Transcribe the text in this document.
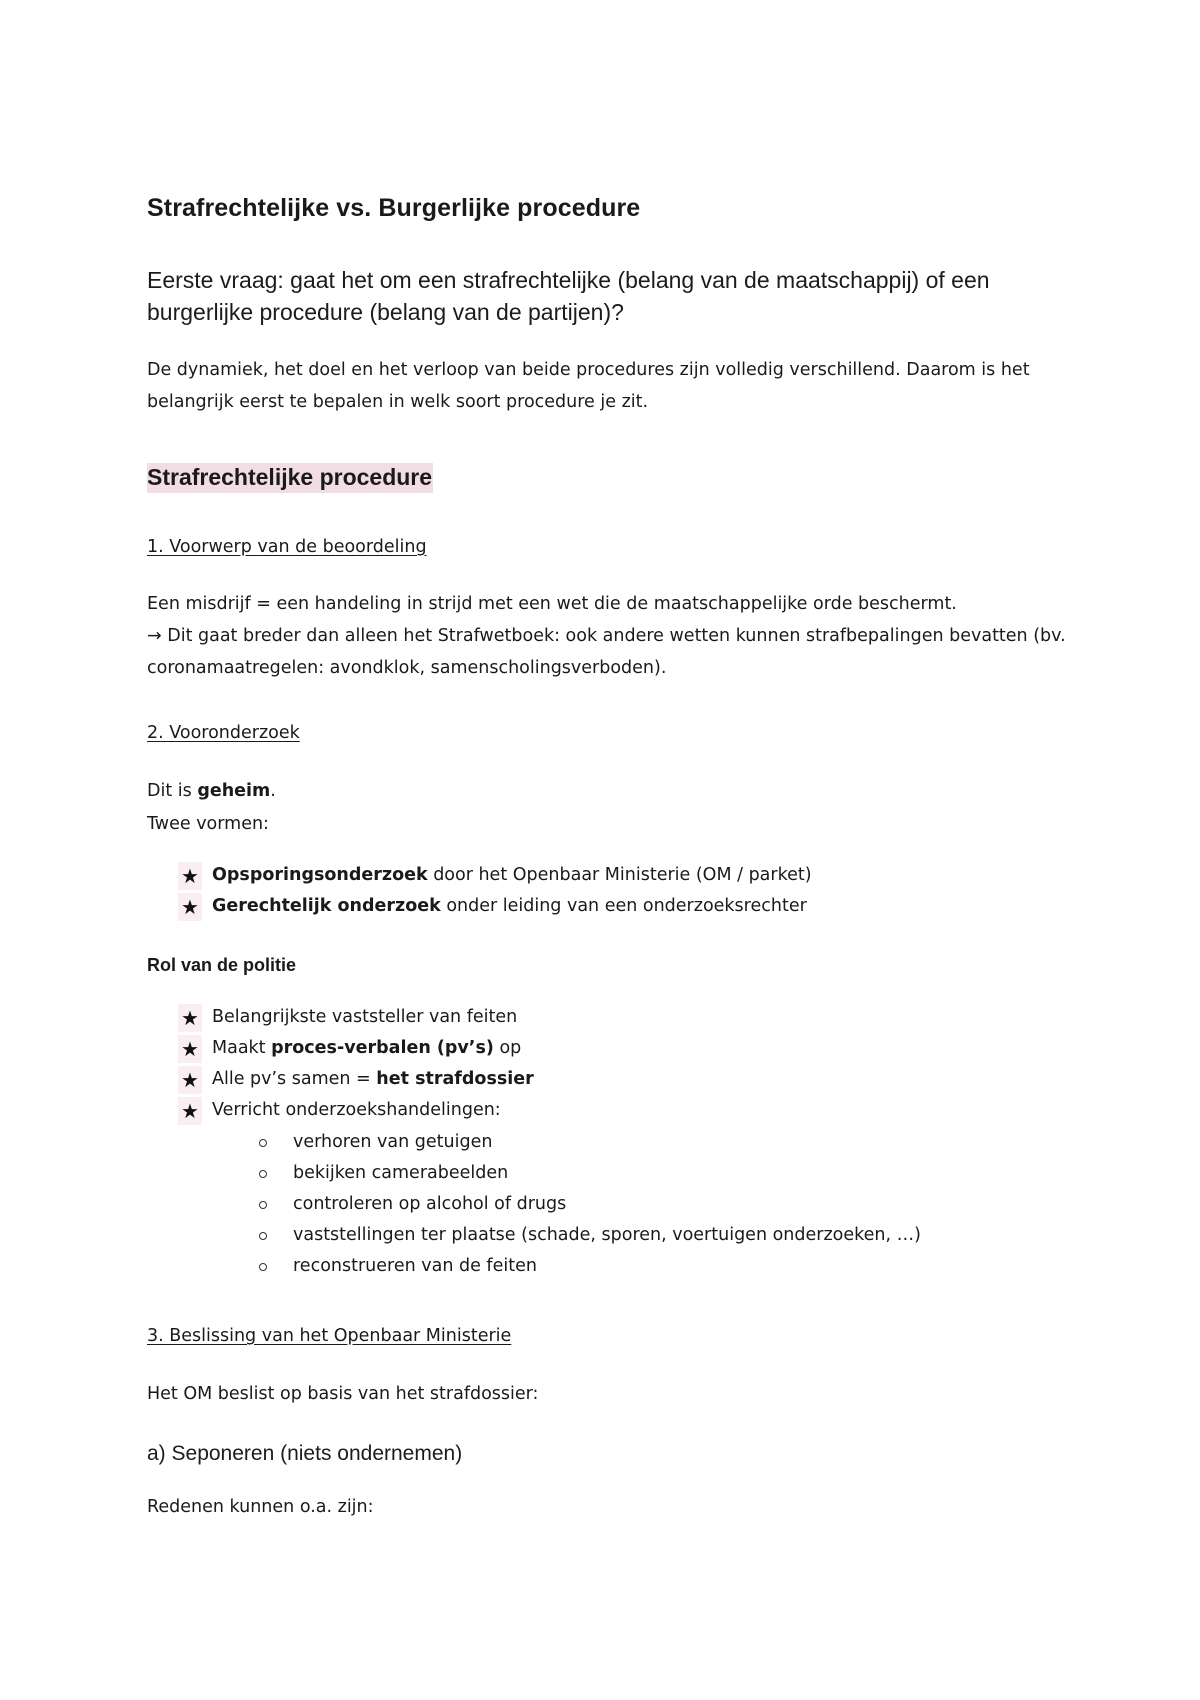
Strafrechtelijke vs. Burgerlijke procedure

Eerste vraag: gaat het om een strafrechtelijke (belang van de maatschappij) of een burgerlijke procedure (belang van de partijen)?

De dynamiek, het doel en het verloop van beide procedures zijn volledig verschillend. Daarom is het belangrijk eerst te bepalen in welk soort procedure je zit.

Strafrechtelijke procedure

1. Voorwerp van de beoordeling

Een misdrijf = een handeling in strijd met een wet die de maatschappelijke orde beschermt.

→ Dit gaat breder dan alleen het Strafwetboek: ook andere wetten kunnen strafbepalingen bevatten (bv. coronamaatregelen: avondklok, samenscholingsverboden).

2. Vooronderzoek

Dit is geheim.

Twee vormen:

★ Opsporingsonderzoek door het Openbaar Ministerie (OM / parket)
★ Gerechtelijk onderzoek onder leiding van een onderzoeksrechter

Rol van de politie

★ Belangrijkste vaststeller van feiten
★ Maakt proces-verbalen (pv’s) op
★ Alle pv’s samen = het strafdossier
★ Verricht onderzoekshandelingen:
verhoren van getuigen
bekijken camerabeelden
controleren op alcohol of drugs
vaststellingen ter plaatse (schade, sporen, voertuigen onderzoeken, …)
reconstrueren van de feiten

3. Beslissing van het Openbaar Ministerie

Het OM beslist op basis van het strafdossier:

a) Seponeren (niets ondernemen)

Redenen kunnen o.a. zijn:
